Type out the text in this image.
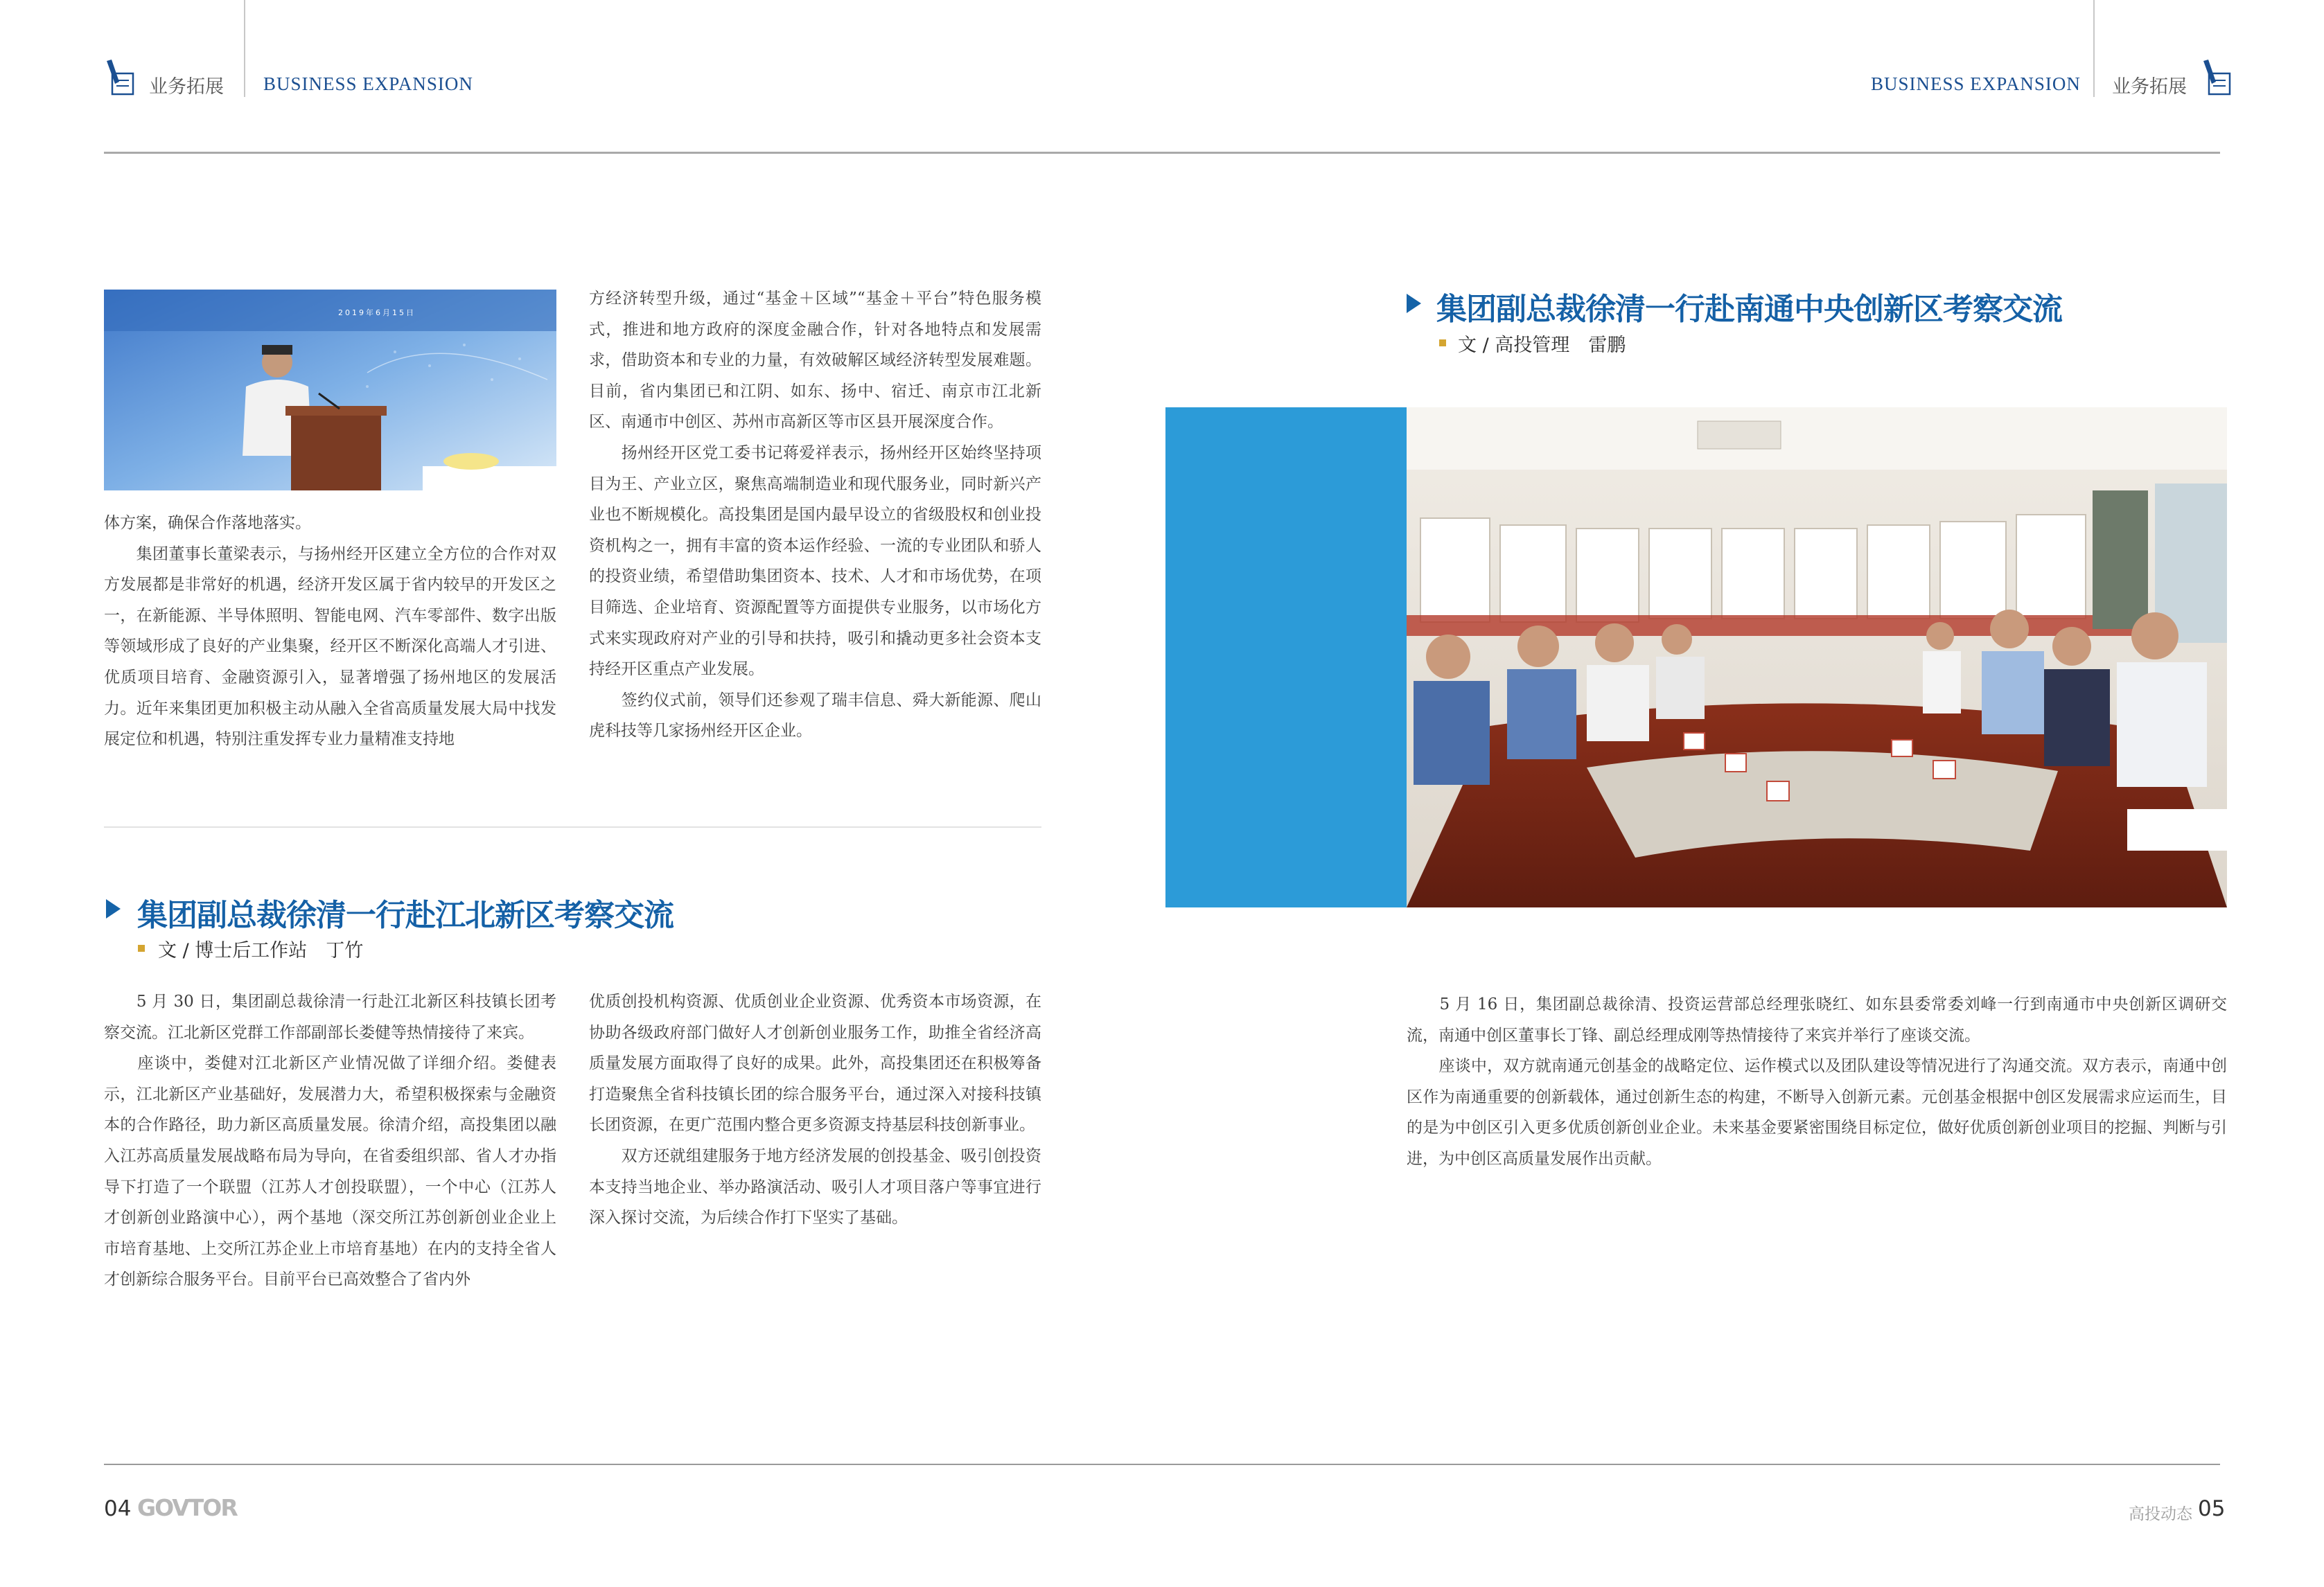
业务拓展 BUSINESS EXPANSION	BUSINESS EXPANSION 业务拓展
2019年6月15日

体方案，确保合作落地落实。

　　集团董事长董梁表示，与扬州经开区建立全方位的合作对双方发展都是非常好的机遇，经济开发区属于省内较早的开发区之一，在新能源、半导体照明、智能电网、汽车零部件、数字出版等领域形成了良好的产业集聚，经开区不断深化高端人才引进、优质项目培育、金融资源引入，显著增强了扬州地区的发展活力。近年来集团更加积极主动从融入全省高质量发展大局中找发展定位和机遇，特别注重发挥专业力量精准支持地

方经济转型升级，通过“基金＋区域”“基金＋平台”特色服务模式，推进和地方政府的深度金融合作，针对各地特点和发展需求，借助资本和专业的力量，有效破解区域经济转型发展难题。目前，省内集团已和江阴、如东、扬中、宿迁、南京市江北新区、南通市中创区、苏州市高新区等市区县开展深度合作。

　　扬州经开区党工委书记蒋爱祥表示，扬州经开区始终坚持项目为王、产业立区，聚焦高端制造业和现代服务业，同时新兴产业也不断规模化。高投集团是国内最早设立的省级股权和创业投资机构之一，拥有丰富的资本运作经验、一流的专业团队和骄人的投资业绩，希望借助集团资本、技术、人才和市场优势，在项目筛选、企业培育、资源配置等方面提供专业服务，以市场化方式来实现政府对产业的引导和扶持，吸引和撬动更多社会资本支持经开区重点产业发展。

　　签约仪式前，领导们还参观了瑞丰信息、舜大新能源、爬山虎科技等几家扬州经开区企业。

集团副总裁徐清一行赴江北新区考察交流
文 / 博士后工作站　丁竹

　　5 月 30 日，集团副总裁徐清一行赴江北新区科技镇长团考察交流。江北新区党群工作部副部长娄健等热情接待了来宾。

　　座谈中，娄健对江北新区产业情况做了详细介绍。娄健表示，江北新区产业基础好，发展潜力大，希望积极探索与金融资本的合作路径，助力新区高质量发展。徐清介绍，高投集团以融入江苏高质量发展战略布局为导向，在省委组织部、省人才办指导下打造了一个联盟（江苏人才创投联盟），一个中心（江苏人才创新创业路演中心），两个基地（深交所江苏创新创业企业上市培育基地、上交所江苏企业上市培育基地）在内的支持全省人才创新综合服务平台。目前平台已高效整合了省内外

优质创投机构资源、优质创业企业资源、优秀资本市场资源，在协助各级政府部门做好人才创新创业服务工作，助推全省经济高质量发展方面取得了良好的成果。此外，高投集团还在积极筹备打造聚焦全省科技镇长团的综合服务平台，通过深入对接科技镇长团资源，在更广范围内整合更多资源支持基层科技创新事业。

　　双方还就组建服务于地方经济发展的创投基金、吸引创投资本支持当地企业、举办路演活动、吸引人才项目落户等事宜进行深入探讨交流，为后续合作打下坚实了基础。

集团副总裁徐清一行赴南通中央创新区考察交流
文 / 高投管理　雷鹏

　　5 月 16 日，集团副总裁徐清、投资运营部总经理张晓红、如东县委常委刘峰一行到南通市中央创新区调研交流，南通中创区董事长丁锋、副总经理成刚等热情接待了来宾并举行了座谈交流。

　　座谈中，双方就南通元创基金的战略定位、运作模式以及团队建设等情况进行了沟通交流。双方表示，南通中创区作为南通重要的创新载体，通过创新生态的构建，不断导入创新元素。元创基金根据中创区发展需求应运而生，目的是为中创区引入更多优质创新创业企业。未来基金要紧密围绕目标定位，做好优质创新创业项目的挖掘、判断与引进，为中创区高质量发展作出贡献。

04 GOVTOR	高投动态 05
